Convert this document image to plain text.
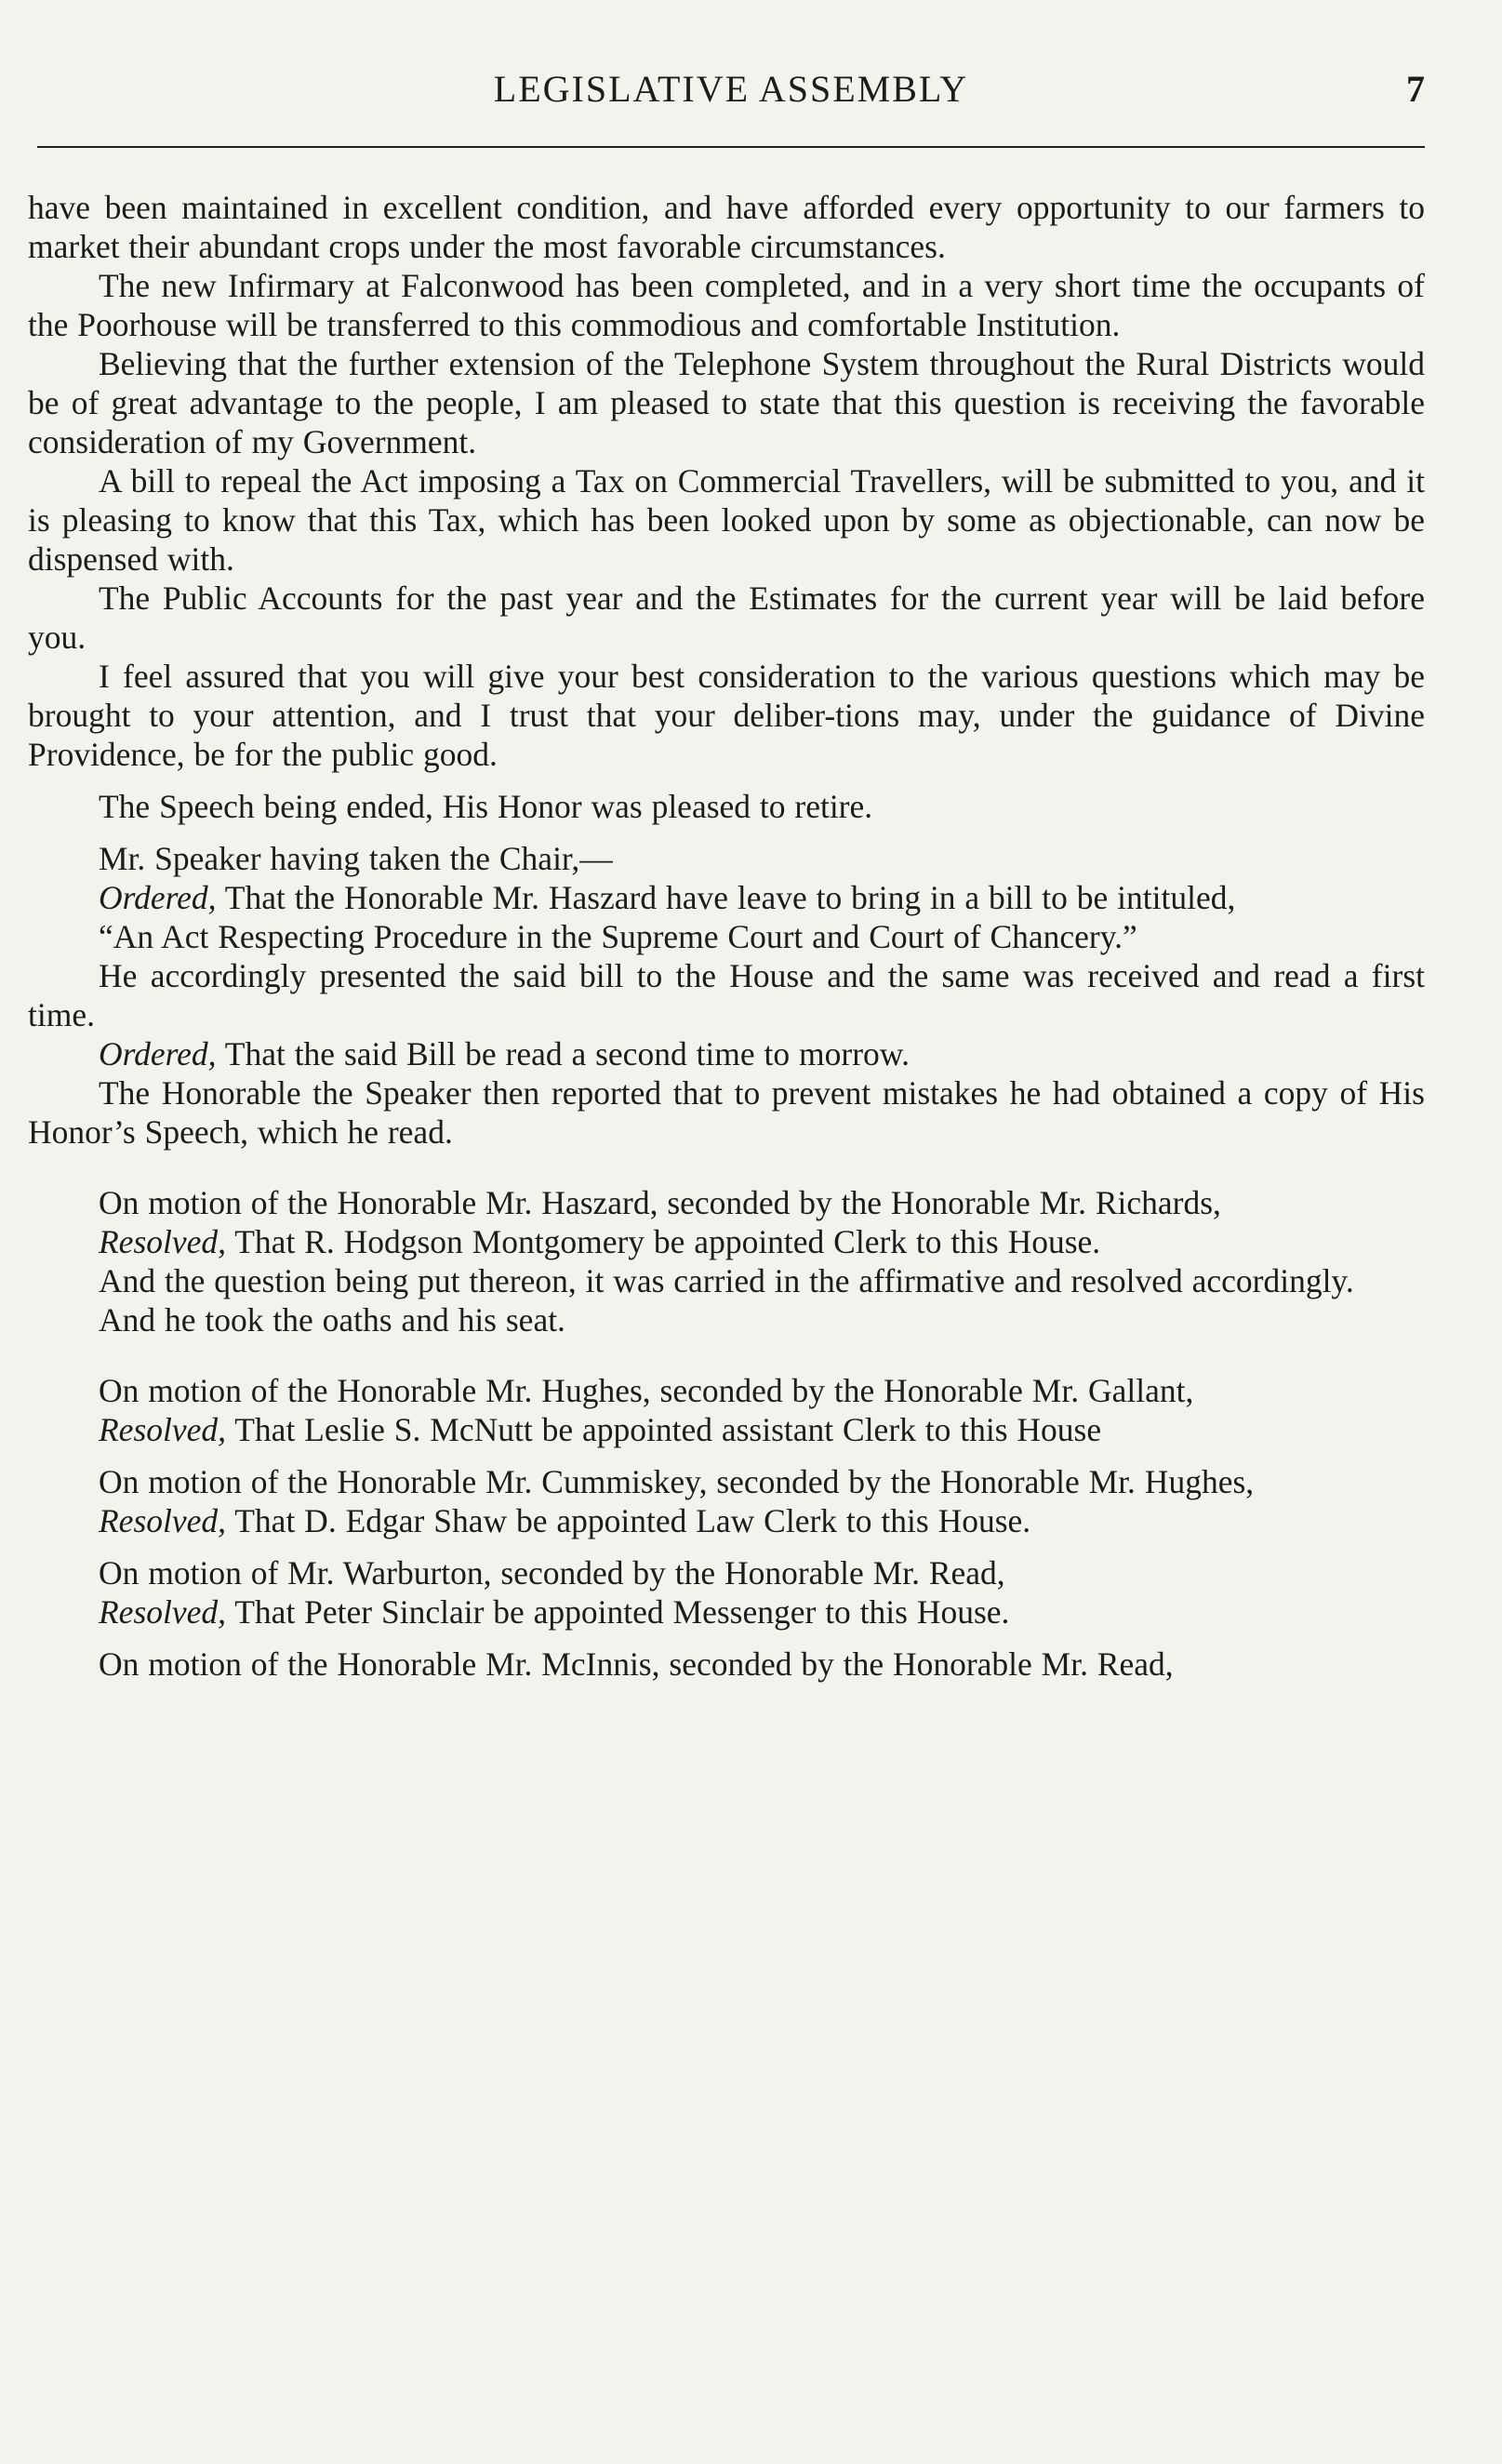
LEGISLATIVE ASSEMBLY	7

have been maintained in excellent condition, and have afforded every opportunity to our farmers to market their abundant crops under the most favorable circumstances.

The new Infirmary at Falconwood has been completed, and in a very short time the occupants of the Poorhouse will be transferred to this commodious and comfortable Institution.

Believing that the further extension of the Telephone System throughout the Rural Districts would be of great advantage to the people, I am pleased to state that this question is receiving the favorable consideration of my Government.

A bill to repeal the Act imposing a Tax on Commercial Travellers, will be submitted to you, and it is pleasing to know that this Tax, which has been looked upon by some as objectionable, can now be dispensed with.

The Public Accounts for the past year and the Estimates for the current year will be laid before you.

I feel assured that you will give your best consideration to the various questions which may be brought to your attention, and I trust that your deliber-tions may, under the guidance of Divine Providence, be for the public good.

The Speech being ended, His Honor was pleased to retire.

Mr. Speaker having taken the Chair,—

Ordered, That the Honorable Mr. Haszard have leave to bring in a bill to be intituled,

“An Act Respecting Procedure in the Supreme Court and Court of Chancery.”

He accordingly presented the said bill to the House and the same was received and read a first time.

Ordered, That the said Bill be read a second time to morrow.

The Honorable the Speaker then reported that to prevent mistakes he had obtained a copy of His Honor’s Speech, which he read.

On motion of the Honorable Mr. Haszard, seconded by the Honorable Mr. Richards,

Resolved, That R. Hodgson Montgomery be appointed Clerk to this House.

And the question being put thereon, it was carried in the affirmative and resolved accordingly.

And he took the oaths and his seat.

On motion of the Honorable Mr. Hughes, seconded by the Honorable Mr. Gallant,

Resolved, That Leslie S. McNutt be appointed assistant Clerk to this House

On motion of the Honorable Mr. Cummiskey, seconded by the Honorable Mr. Hughes,

Resolved, That D. Edgar Shaw be appointed Law Clerk to this House.

On motion of Mr. Warburton, seconded by the Honorable Mr. Read,

Resolved, That Peter Sinclair be appointed Messenger to this House.

On motion of the Honorable Mr. McInnis, seconded by the Honorable Mr. Read,
